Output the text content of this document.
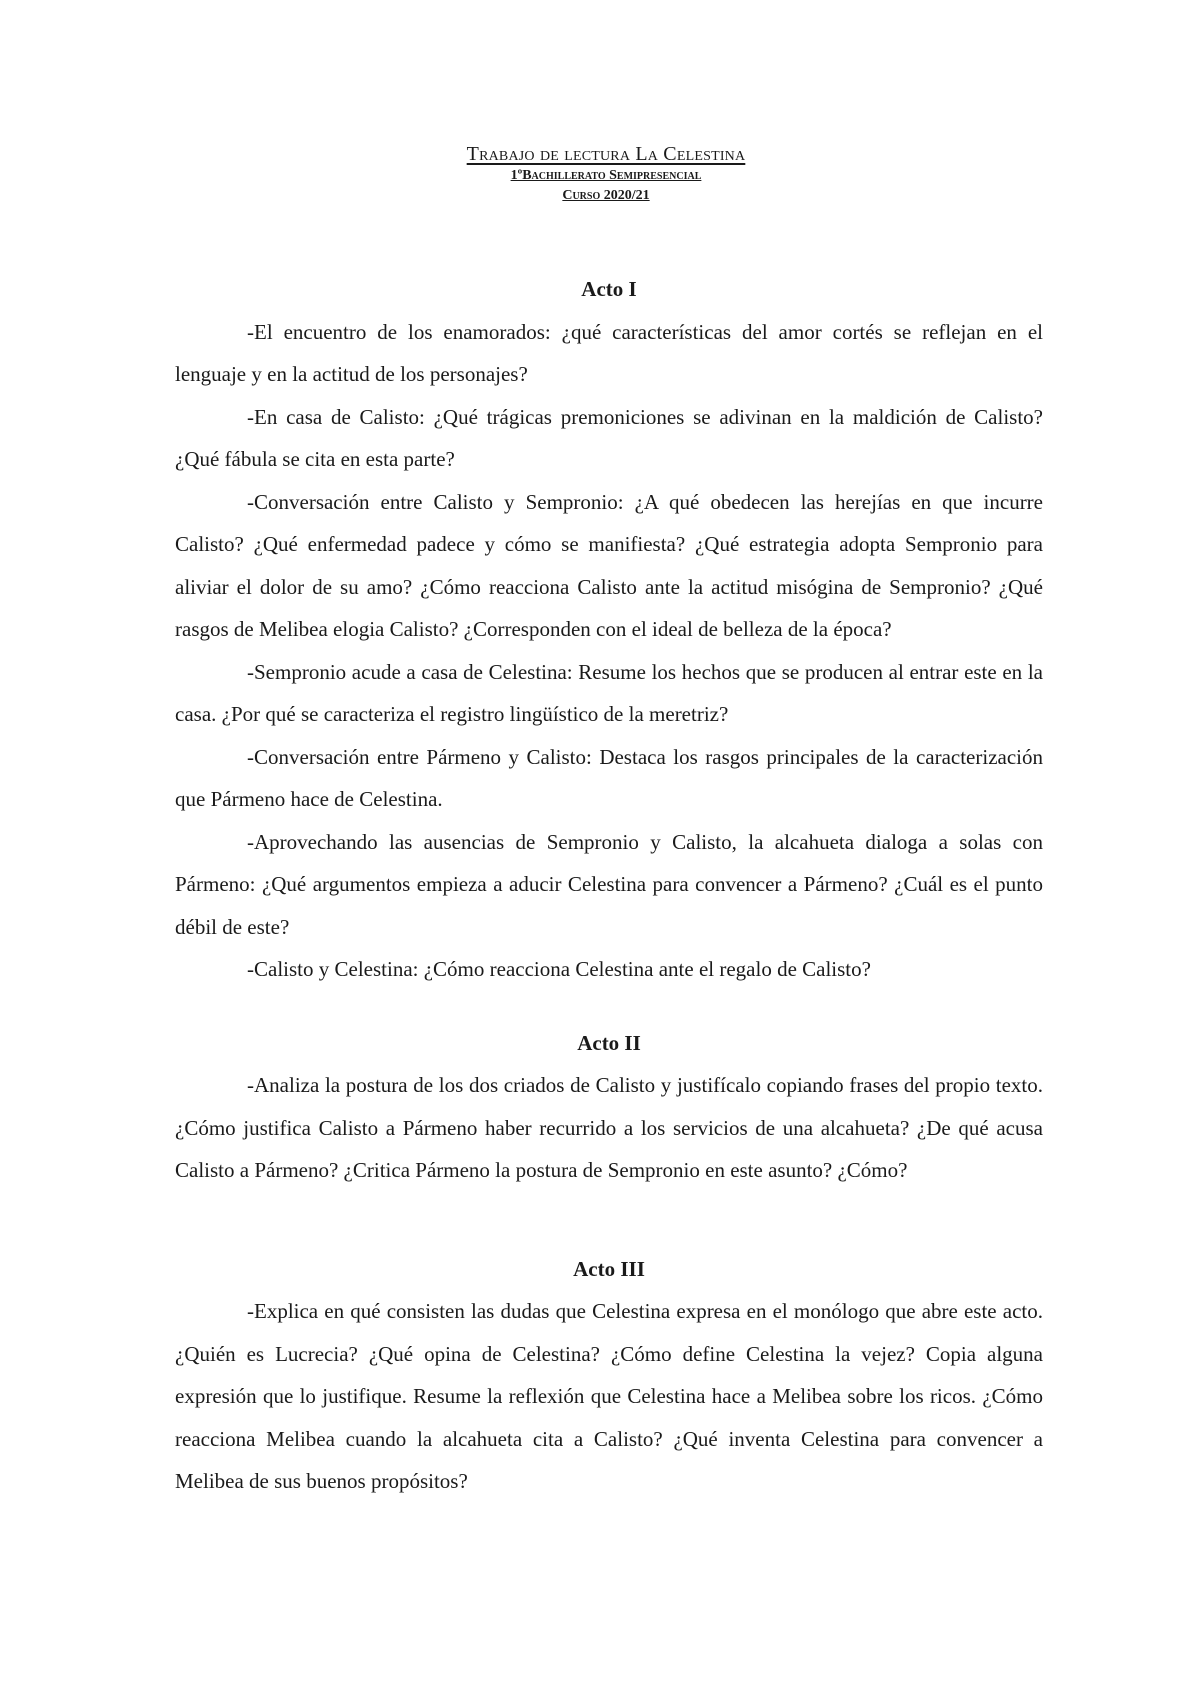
Trabajo de lectura La Celestina
1ºBachillerato Semipresencial
Curso 2020/21
Acto I

-El encuentro de los enamorados: ¿qué características del amor cortés se reflejan en el lenguaje y en la actitud de los personajes?

-En casa de Calisto: ¿Qué trágicas premoniciones se adivinan en la maldición de Calisto? ¿Qué fábula se cita en esta parte?

-Conversación entre Calisto y Sempronio: ¿A qué obedecen las herejías en que incurre Calisto? ¿Qué enfermedad padece y cómo se manifiesta? ¿Qué estrategia adopta Sempronio para aliviar el dolor de su amo? ¿Cómo reacciona Calisto ante la actitud misógina de Sempronio? ¿Qué rasgos de Melibea elogia Calisto? ¿Corresponden con el ideal de belleza de la época?

-Sempronio acude a casa de Celestina: Resume los hechos que se producen al entrar este en la casa. ¿Por qué se caracteriza el registro lingüístico de la meretriz?

-Conversación entre Pármeno y Calisto: Destaca los rasgos principales de la caracterización que Pármeno hace de Celestina.

-Aprovechando las ausencias de Sempronio y Calisto, la alcahueta dialoga a solas con Pármeno: ¿Qué argumentos empieza a aducir Celestina para convencer a Pármeno? ¿Cuál es el punto débil de este?

-Calisto y Celestina: ¿Cómo reacciona Celestina ante el regalo de Calisto?

Acto II

-Analiza la postura de los dos criados de Calisto y justifícalo copiando frases del propio texto. ¿Cómo justifica Calisto a Pármeno haber recurrido a los servicios de una alcahueta? ¿De qué acusa Calisto a Pármeno? ¿Critica Pármeno la postura de Sempronio en este asunto? ¿Cómo?

Acto III

-Explica en qué consisten las dudas que Celestina expresa en el monólogo que abre este acto. ¿Quién es Lucrecia? ¿Qué opina de Celestina? ¿Cómo define Celestina la vejez? Copia alguna expresión que lo justifique. Resume la reflexión que Celestina hace a Melibea sobre los ricos. ¿Cómo reacciona Melibea cuando la alcahueta cita a Calisto? ¿Qué inventa Celestina para convencer a Melibea de sus buenos propósitos?
